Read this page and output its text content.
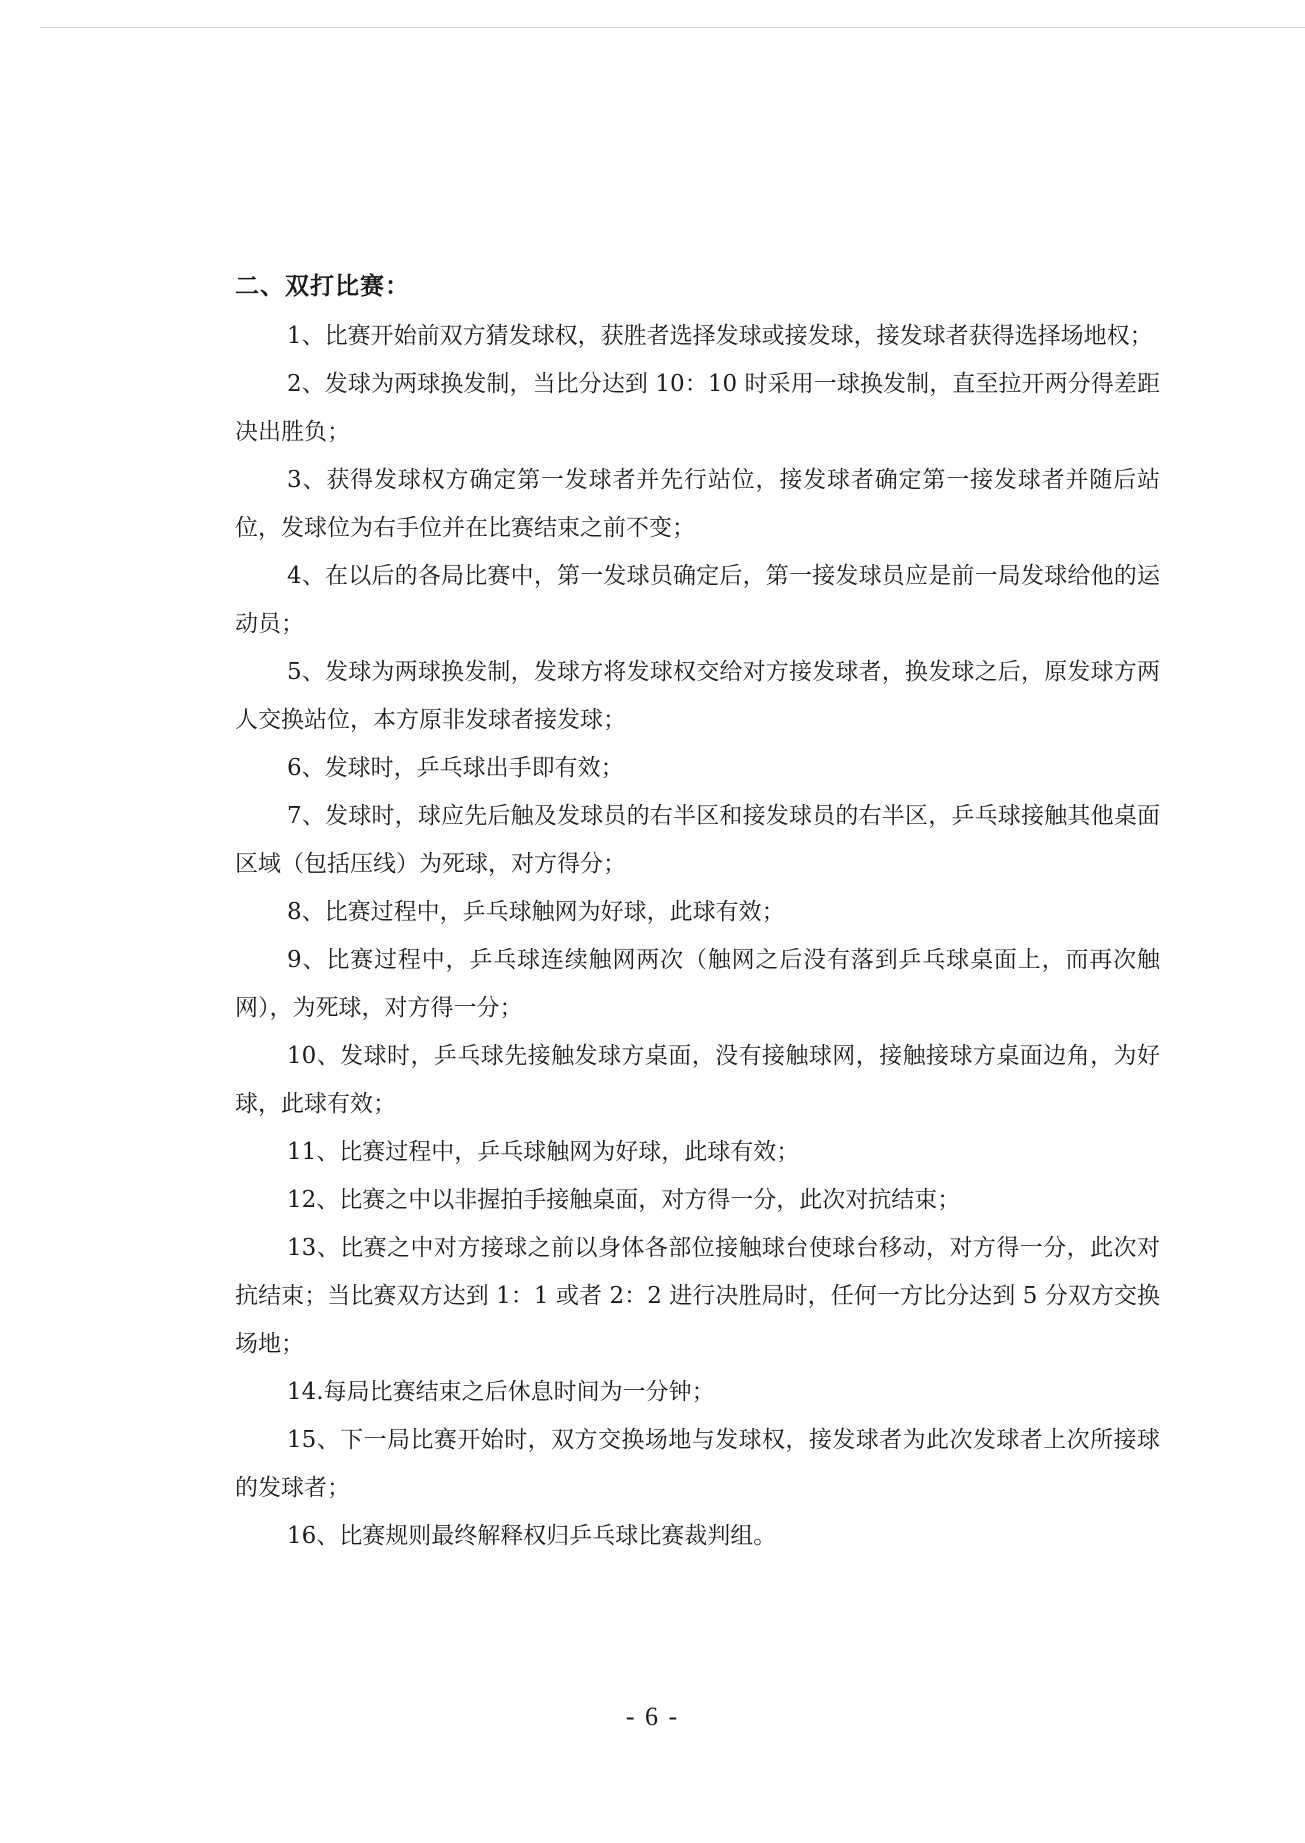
二、双打比赛：

1、比赛开始前双方猜发球权，获胜者选择发球或接发球，接发球者获得选择场地权；

2、发球为两球换发制，当比分达到 10：10 时采用一球换发制，直至拉开两分得差距决出胜负；

3、获得发球权方确定第一发球者并先行站位，接发球者确定第一接发球者并随后站位，发球位为右手位并在比赛结束之前不变；

4、在以后的各局比赛中，第一发球员确定后，第一接发球员应是前一局发球给他的运动员；

5、发球为两球换发制，发球方将发球权交给对方接发球者，换发球之后，原发球方两人交换站位，本方原非发球者接发球；

6、发球时，乒乓球出手即有效；

7、发球时，球应先后触及发球员的右半区和接发球员的右半区，乒乓球接触其他桌面区域（包括压线）为死球，对方得分；

8、比赛过程中，乒乓球触网为好球，此球有效；

9、比赛过程中，乒乓球连续触网两次（触网之后没有落到乒乓球桌面上，而再次触网），为死球，对方得一分；

10、发球时，乒乓球先接触发球方桌面，没有接触球网，接触接球方桌面边角，为好球，此球有效；

11、比赛过程中，乒乓球触网为好球，此球有效；

12、比赛之中以非握拍手接触桌面，对方得一分，此次对抗结束；

13、比赛之中对方接球之前以身体各部位接触球台使球台移动，对方得一分，此次对抗结束；当比赛双方达到 1：1 或者 2：2 进行决胜局时，任何一方比分达到 5 分双方交换场地；

14.每局比赛结束之后休息时间为一分钟；

15、下一局比赛开始时，双方交换场地与发球权，接发球者为此次发球者上次所接球的发球者；

16、比赛规则最终解释权归乒乓球比赛裁判组。

- 6 -
